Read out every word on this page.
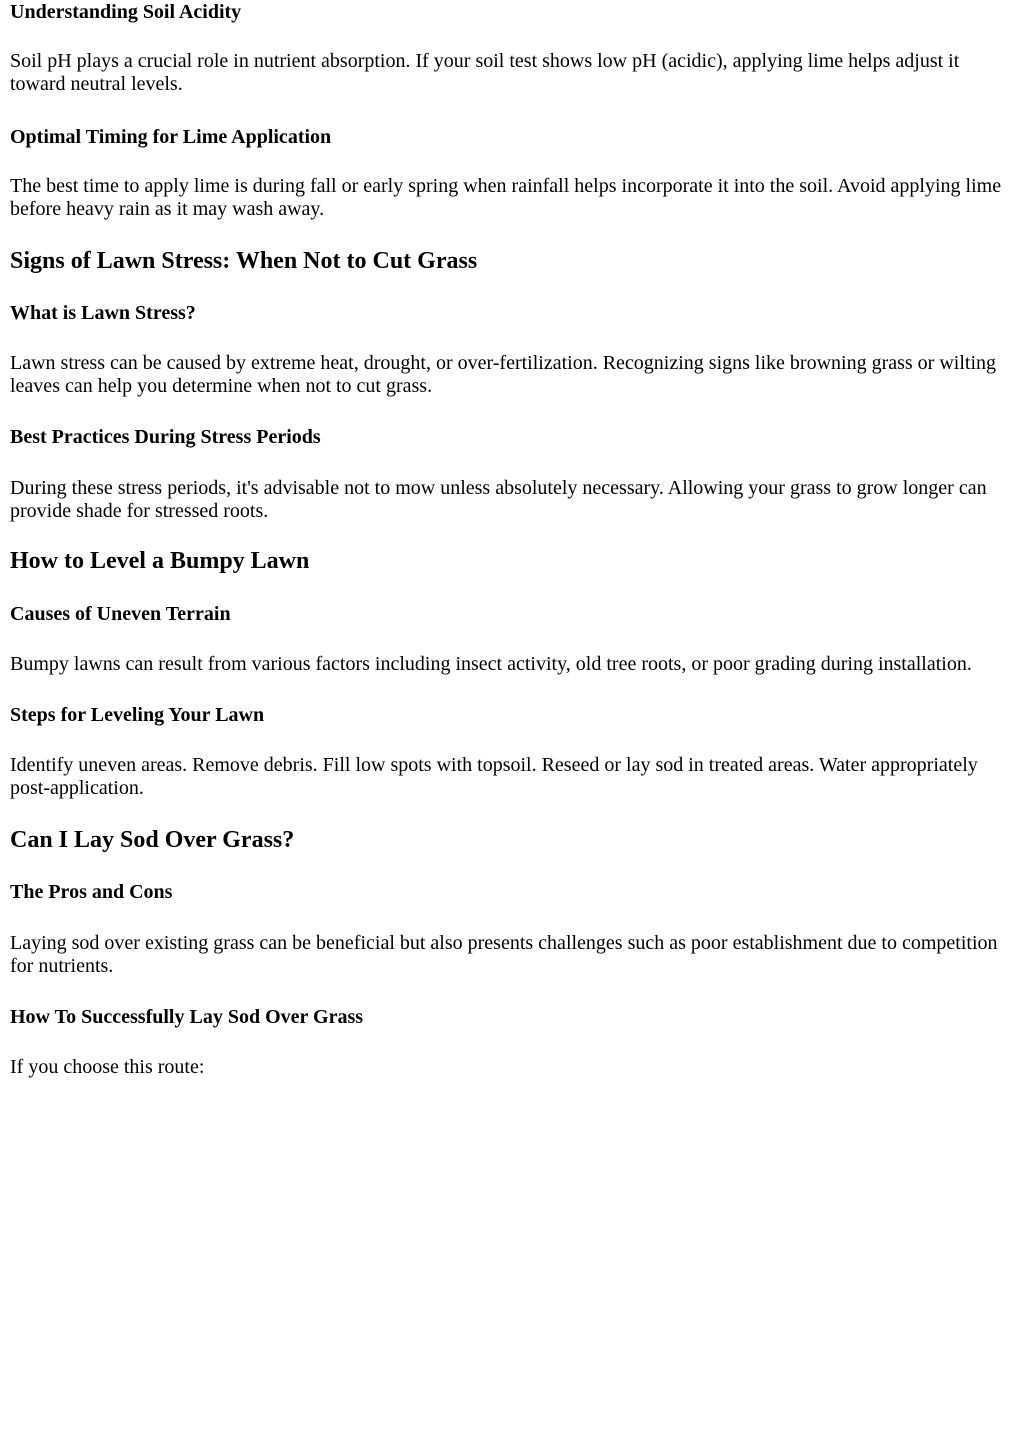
Understanding Soil Acidity

Soil pH plays a crucial role in nutrient absorption. If your soil test shows low pH (acidic), applying lime helps adjust it toward neutral levels.

Optimal Timing for Lime Application

The best time to apply lime is during fall or early spring when rainfall helps incorporate it into the soil. Avoid applying lime before heavy rain as it may wash away.

Signs of Lawn Stress: When Not to Cut Grass
What is Lawn Stress?

Lawn stress can be caused by extreme heat, drought, or over-fertilization. Recognizing signs like browning grass or wilting leaves can help you determine when not to cut grass.

Best Practices During Stress Periods

During these stress periods, it's advisable not to mow unless absolutely necessary. Allowing your grass to grow longer can provide shade for stressed roots.

How to Level a Bumpy Lawn
Causes of Uneven Terrain

Bumpy lawns can result from various factors including insect activity, old tree roots, or poor grading during installation.

Steps for Leveling Your Lawn

Identify uneven areas. Remove debris. Fill low spots with topsoil. Reseed or lay sod in treated areas. Water appropriately post-application.

Can I Lay Sod Over Grass?
The Pros and Cons

Laying sod over existing grass can be beneficial but also presents challenges such as poor establishment due to competition for nutrients.

How To Successfully Lay Sod Over Grass

If you choose this route:
